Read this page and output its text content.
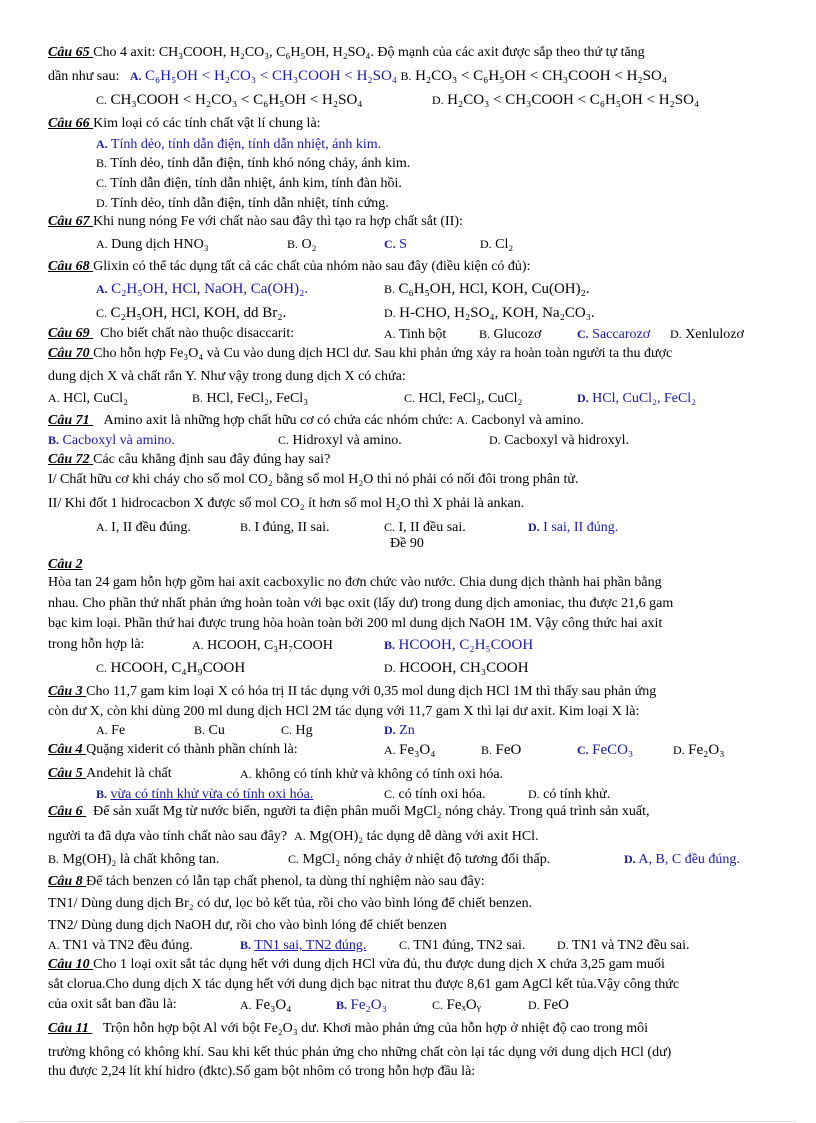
Câu 65 Cho 4 axit: CH₃COOH, H₂CO₃, C₆H₅OH, H₂SO₄. Độ mạnh của các axit được sắp theo thứ tự tăng
dần như sau: A. C₆H₅OH < H₂CO₃ < CH₃COOH < H₂SO₄ B. H₂CO₃ < C₆H₅OH < CH₃COOH < H₂SO₄
C. CH₃COOH < H₂CO₃ < C₆H₅OH < H₂SO₄	D. H₂CO₃ < CH₃COOH < C₆H₅OH < H₂SO₄
Câu 66 Kim loại có các tính chất vật lí chung là:
A. Tính dẻo, tính dẫn điện, tính dẫn nhiệt, ánh kim.
B. Tính dẻo, tính dẫn điện, tính khó nóng chảy, ánh kim.
C. Tính dẫn điện, tính dẫn nhiệt, ánh kim, tính đàn hồi.
D. Tính dẻo, tính dẫn điện, tính dẫn nhiệt, tính cứng.
Câu 67 Khi nung nóng Fe với chất nào sau đây thì tạo ra hợp chất sắt (II):
A. Dung dịch HNO₃	B. O₂	C. S	D. Cl₂
Câu 68 Glixin có thể tác dụng tất cả các chất của nhóm nào sau đây (điều kiện có đủ):
A. C₂H₅OH, HCl, NaOH, Ca(OH)₂.	B. C₆H₅OH, HCl, KOH, Cu(OH)₂.
C. C₂H₅OH, HCl, KOH, dd Br₂.	D. H-CHO, H₂SO₄, KOH, Na₂CO₃.
Câu 69   Cho biết chất nào thuộc disaccarit:	A. Tinh bột	B. Glucozơ	C. Saccarozơ D. Xenlulozơ
Câu 70 Cho hỗn hợp Fe₃O₄ và Cu vào dung dịch HCl dư. Sau khi phản ứng xảy ra hoàn toàn người ta thu được
dung dịch X và chất rắn Y. Như vậy trong dung dịch X có chứa:
A. HCl, CuCl₂	B. HCl, FeCl₂, FeCl₃	C. HCl, FeCl₃, CuCl₂	D. HCl, CuCl₂, FeCl₂
Câu 71    Amino axit là những hợp chất hữu cơ có chứa các nhóm chức: A. Cacbonyl và amino.
B. Cacboxyl và amino.	C. Hidroxyl và amino.	D. Cacboxyl và hidroxyl.
Câu 72 Các câu khẳng định sau đây đúng hay sai?
I/ Chất hữu cơ khi cháy cho số mol CO₂ bằng số mol H₂O thì nó phải có nối đôi trong phân tử.
II/ Khi đốt 1 hidrocacbon X được số mol CO₂ ít hơn số mol H₂O thì X phải là ankan.
A. I, II đều đúng.	B. I đúng, II sai.	C. I, II đều sai.	D. I sai, II đúng.
Đề 90
Câu 2
Hòa tan 24 gam hỗn hợp gồm hai axit cacboxylic no đơn chức vào nước. Chia dung dịch thành hai phần bằng
nhau. Cho phần thứ nhất phản ứng hoàn toàn với bạc oxit (lấy dư) trong dung dịch amoniac, thu được 21,6 gam
bạc kim loại. Phần thứ hai được trung hòa hoàn toàn bởi 200 ml dung dịch NaOH 1M. Vậy công thức hai axit
trong hỗn hợp là:	A. HCOOH, C₃H₇COOH	B. HCOOH, C₂H₅COOH
C. HCOOH, C₄H₉COOH	D. HCOOH, CH₃COOH
Câu 3 Cho 11,7 gam kim loại X có hóa trị II tác dụng với 0,35 mol dung dịch HCl 1M thì thấy sau phản ứng
còn dư X, còn khi dùng 200 ml dung dịch HCl 2M tác dụng với 11,7 gam X thì lại dư axit. Kim loại X là:
A. Fe	B. Cu	C. Hg	D. Zn
Câu 4 Quặng xiderit có thành phần chính là:	A. Fe₃O₄	B. FeO	C. FeCO₃	D. Fe₂O₃
Câu 5 Andehit là chất	A. không có tính khử và không có tính oxi hóa.
B. vừa có tính khử vừa có tính oxi hóa.	C. có tính oxi hóa.	D. có tính khử.
Câu 6   Để sản xuất Mg từ nước biển, người ta điện phân muối MgCl₂ nóng chảy. Trong quá trình sản xuất,
người ta đã dựa vào tính chất nào sau đây? A. Mg(OH)₂ tác dụng dễ dàng với axit HCl.
B. Mg(OH)₂ là chất không tan.	C. MgCl₂ nóng chảy ở nhiệt độ tương đối thấp.	D. A, B, C đều đúng.
Câu 8 Để tách benzen có lẫn tạp chất phenol, ta dùng thí nghiệm nào sau đây:
TN1/ Dùng dung dịch Br₂ có dư, lọc bỏ kết tủa, rồi cho vào bình lóng để chiết benzen.
TN2/ Dùng dung dịch NaOH dư, rồi cho vào bình lóng để chiết benzen
A. TN1 và TN2 đều đúng.	B. TN1 sai, TN2 đúng.	C. TN1 đúng, TN2 sai.	D. TN1 và TN2 đều sai.
Câu 10 Cho 1 loại oxit sắt tác dụng hết với dung dịch HCl vừa đủ, thu được dung dịch X chứa 3,25 gam muối
sắt clorua.Cho dung dịch X tác dụng hết với dung dịch bạc nitrat thu được 8,61 gam AgCl kết tủa.Vậy công thức
của oxit sắt ban đầu là:	A. Fe₃O₄	B. Fe₂O₃	C. FeₓOᵧ	D. FeO
Câu 11    Trộn hỗn hợp bột Al với bột Fe₂O₃ dư. Khơi mào phản ứng của hỗn hợp ở nhiệt độ cao trong môi
trường không có không khí. Sau khi kết thúc phản ứng cho những chất còn lại tác dụng với dung dịch HCl (dư)
thu được 2,24 lít khí hidro (đktc).Số gam bột nhôm có trong hỗn hợp đầu là:
